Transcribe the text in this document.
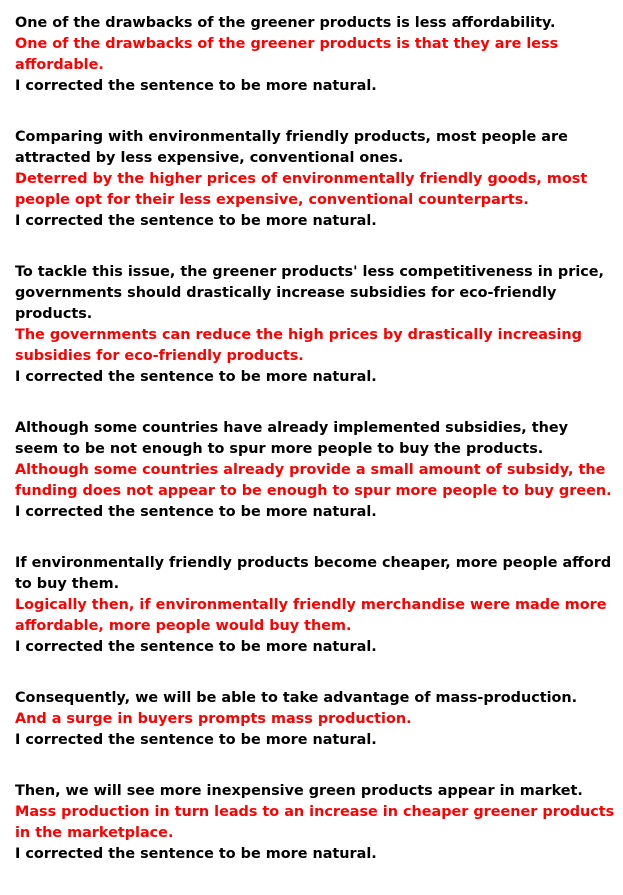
One of the drawbacks of the greener products is less affordability.

One of the drawbacks of the greener products is that they are less affordable.

I corrected the sentence to be more natural.

Comparing with environmentally friendly products, most people are attracted by less expensive, conventional ones.

Deterred by the higher prices of environmentally friendly goods, most people opt for their less expensive, conventional counterparts.

I corrected the sentence to be more natural.

To tackle this issue, the greener products' less competitiveness in price, governments should drastically increase subsidies for eco-friendly products.

The governments can reduce the high prices by drastically increasing subsidies for eco-friendly products.

I corrected the sentence to be more natural.

Although some countries have already implemented subsidies, they seem to be not enough to spur more people to buy the products.

Although some countries already provide a small amount of subsidy, the funding does not appear to be enough to spur more people to buy green.

I corrected the sentence to be more natural.

If environmentally friendly products become cheaper, more people afford to buy them.

Logically then, if environmentally friendly merchandise were made more affordable, more people would buy them.

I corrected the sentence to be more natural.

Consequently, we will be able to take advantage of mass-production.

And a surge in buyers prompts mass production.

I corrected the sentence to be more natural.

Then, we will see more inexpensive green products appear in market.

Mass production in turn leads to an increase in cheaper greener products in the marketplace.

I corrected the sentence to be more natural.
